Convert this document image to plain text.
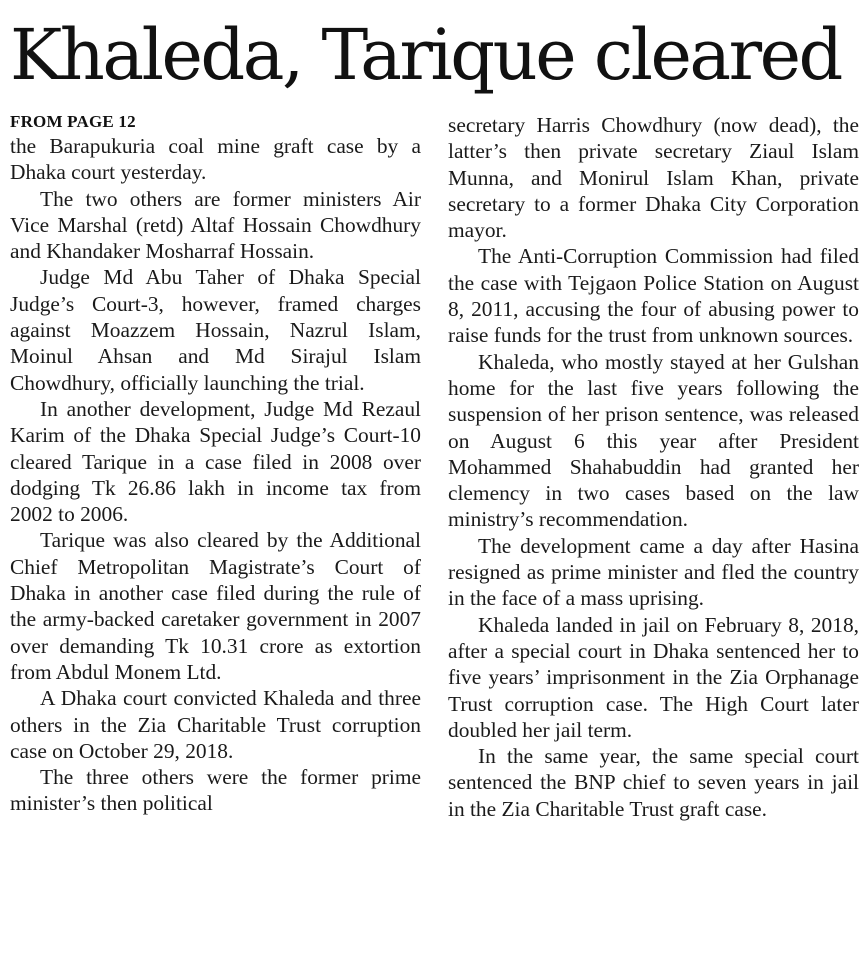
Khaleda, Tarique cleared
FROM PAGE 12

the Barapukuria coal mine graft case by a Dhaka court yesterday.

The two others are former ministers Air Vice Marshal (retd) Altaf Hossain Chowdhury and Khandaker Mosharraf Hossain.

Judge Md Abu Taher of Dhaka Special Judge’s Court-3, however, framed charges against Moazzem Hossain, Nazrul Islam, Moinul Ahsan and Md Sirajul Islam Chowdhury, officially launching the trial.

In another development, Judge Md Rezaul Karim of the Dhaka Special Judge’s Court-10 cleared Tarique in a case filed in 2008 over dodging Tk 26.86 lakh in income tax from 2002 to 2006.

Tarique was also cleared by the Additional Chief Metropolitan Magistrate’s Court of Dhaka in another case filed during the rule of the army-backed caretaker government in 2007 over demanding Tk 10.31 crore as extortion from Abdul Monem Ltd.

A Dhaka court convicted Khaleda and three others in the Zia Charitable Trust corruption case on October 29, 2018.

The three others were the former prime minister’s then political

secretary Harris Chowdhury (now dead), the latter’s then private secretary Ziaul Islam Munna, and Monirul Islam Khan, private secretary to a former Dhaka City Corporation mayor.

The Anti-Corruption Commission had filed the case with Tejgaon Police Station on August 8, 2011, accusing the four of abusing power to raise funds for the trust from unknown sources.

Khaleda, who mostly stayed at her Gulshan home for the last five years following the suspension of her prison sentence, was released on August 6 this year after President Mohammed Shahabuddin had granted her clemency in two cases based on the law ministry’s recommendation.

The development came a day after Hasina resigned as prime minister and fled the country in the face of a mass uprising.

Khaleda landed in jail on February 8, 2018, after a special court in Dhaka sentenced her to five years’ imprisonment in the Zia Orphanage Trust corruption case. The High Court later doubled her jail term.

In the same year, the same special court sentenced the BNP chief to seven years in jail in the Zia Charitable Trust graft case.
